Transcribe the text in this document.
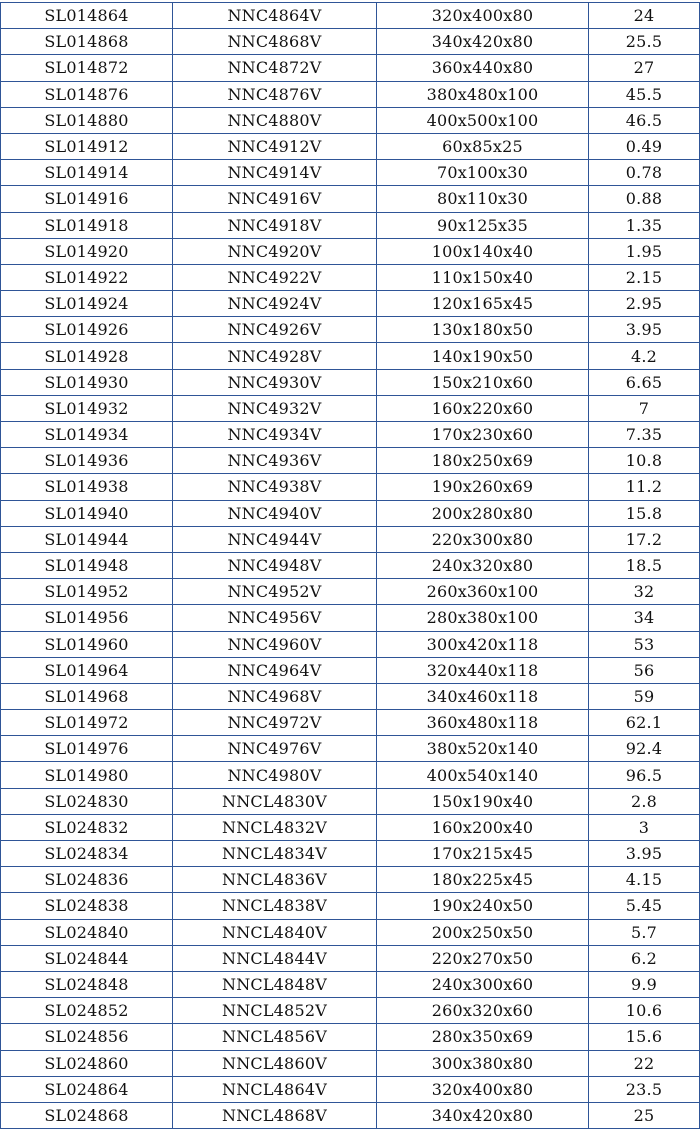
SL014864	NNC4864V	320x400x80	24
SL014868	NNC4868V	340x420x80	25.5
SL014872	NNC4872V	360x440x80	27
SL014876	NNC4876V	380x480x100	45.5
SL014880	NNC4880V	400x500x100	46.5
SL014912	NNC4912V	60x85x25	0.49
SL014914	NNC4914V	70x100x30	0.78
SL014916	NNC4916V	80x110x30	0.88
SL014918	NNC4918V	90x125x35	1.35
SL014920	NNC4920V	100x140x40	1.95
SL014922	NNC4922V	110x150x40	2.15
SL014924	NNC4924V	120x165x45	2.95
SL014926	NNC4926V	130x180x50	3.95
SL014928	NNC4928V	140x190x50	4.2
SL014930	NNC4930V	150x210x60	6.65
SL014932	NNC4932V	160x220x60	7
SL014934	NNC4934V	170x230x60	7.35
SL014936	NNC4936V	180x250x69	10.8
SL014938	NNC4938V	190x260x69	11.2
SL014940	NNC4940V	200x280x80	15.8
SL014944	NNC4944V	220x300x80	17.2
SL014948	NNC4948V	240x320x80	18.5
SL014952	NNC4952V	260x360x100	32
SL014956	NNC4956V	280x380x100	34
SL014960	NNC4960V	300x420x118	53
SL014964	NNC4964V	320x440x118	56
SL014968	NNC4968V	340x460x118	59
SL014972	NNC4972V	360x480x118	62.1
SL014976	NNC4976V	380x520x140	92.4
SL014980	NNC4980V	400x540x140	96.5
SL024830	NNCL4830V	150x190x40	2.8
SL024832	NNCL4832V	160x200x40	3
SL024834	NNCL4834V	170x215x45	3.95
SL024836	NNCL4836V	180x225x45	4.15
SL024838	NNCL4838V	190x240x50	5.45
SL024840	NNCL4840V	200x250x50	5.7
SL024844	NNCL4844V	220x270x50	6.2
SL024848	NNCL4848V	240x300x60	9.9
SL024852	NNCL4852V	260x320x60	10.6
SL024856	NNCL4856V	280x350x69	15.6
SL024860	NNCL4860V	300x380x80	22
SL024864	NNCL4864V	320x400x80	23.5
SL024868	NNCL4868V	340x420x80	25
